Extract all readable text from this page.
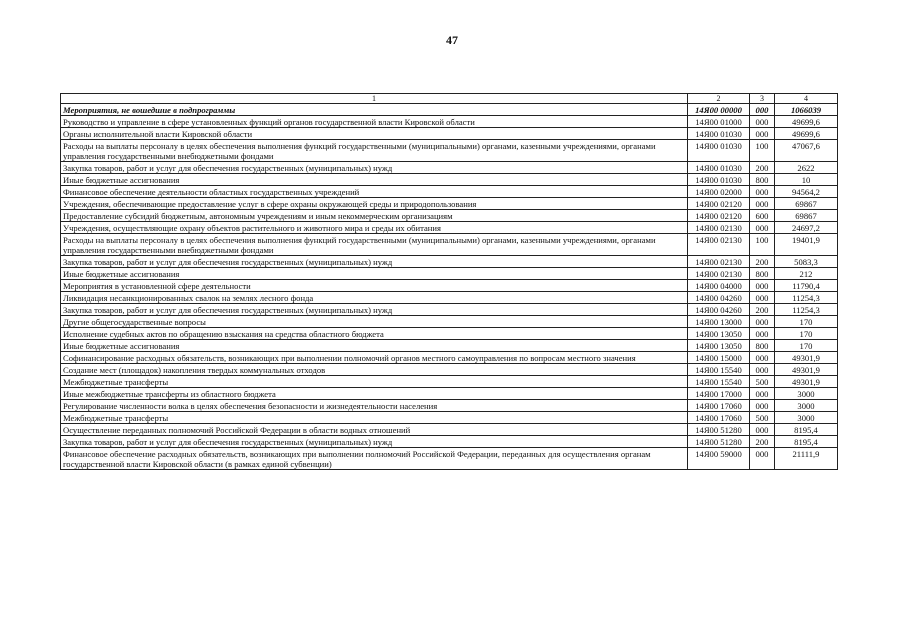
47
1	2	3	4
Мероприятия, не вошедшие в подпрограммы	14Я00 00000	000	1066039
Руководство и управление в сфере установленных функций органов государственной власти Кировской области	14Я00 01000	000	49699,6
Органы исполнительной власти Кировской области	14Я00 01030	000	49699,6
Расходы на выплаты персоналу в целях обеспечения выполнения функций государственными (муниципальными) органами, казенными учреждениями, органами управления государственными внебюджетными фондами	14Я00 01030	100	47067,6
Закупка товаров, работ и услуг для обеспечения государственных (муниципальных) нужд	14Я00 01030	200	2622
Иные бюджетные ассигнования	14Я00 01030	800	10
Финансовое обеспечение деятельности областных государственных учреждений	14Я00 02000	000	94564,2
Учреждения, обеспечивающие предоставление услуг в сфере охраны окружающей среды и природопользования	14Я00 02120	000	69867
Предоставление субсидий бюджетным, автономным учреждениям и иным некоммерческим организациям	14Я00 02120	600	69867
Учреждения, осуществляющие охрану объектов растительного и животного мира и среды их обитания	14Я00 02130	000	24697,2
Расходы на выплаты персоналу в целях обеспечения выполнения функций государственными (муниципальными) органами, казенными учреждениями, органами управления государственными внебюджетными фондами	14Я00 02130	100	19401,9
Закупка товаров, работ и услуг для обеспечения государственных (муниципальных) нужд	14Я00 02130	200	5083,3
Иные бюджетные ассигнования	14Я00 02130	800	212
Мероприятия в установленной сфере деятельности	14Я00 04000	000	11790,4
Ликвидация несанкционированных свалок на землях лесного фонда	14Я00 04260	000	11254,3
Закупка товаров, работ и услуг для обеспечения государственных (муниципальных) нужд	14Я00 04260	200	11254,3
Другие общегосударственные вопросы	14Я00 13000	000	170
Исполнение судебных актов по обращению взыскания на средства областного бюджета	14Я00 13050	000	170
Иные бюджетные ассигнования	14Я00 13050	800	170
Софинансирование расходных обязательств, возникающих при выполнении полномочий органов местного самоуправления по вопросам местного значения	14Я00 15000	000	49301,9
Создание мест (площадок) накопления твердых коммунальных отходов	14Я00 15540	000	49301,9
Межбюджетные трансферты	14Я00 15540	500	49301,9
Иные межбюджетные трансферты из областного бюджета	14Я00 17000	000	3000
Регулирование численности волка в целях обеспечения безопасности и жизнедеятельности населения	14Я00 17060	000	3000
Межбюджетные трансферты	14Я00 17060	500	3000
Осуществление переданных полномочий Российской Федерации в области водных отношений	14Я00 51280	000	8195,4
Закупка товаров, работ и услуг для обеспечения государственных (муниципальных) нужд	14Я00 51280	200	8195,4
Финансовое обеспечение расходных обязательств, возникающих при выполнении полномочий Российской Федерации, переданных для осуществления органам государственной власти Кировской области (в рамках единой субвенции)	14Я00 59000	000	21111,9
